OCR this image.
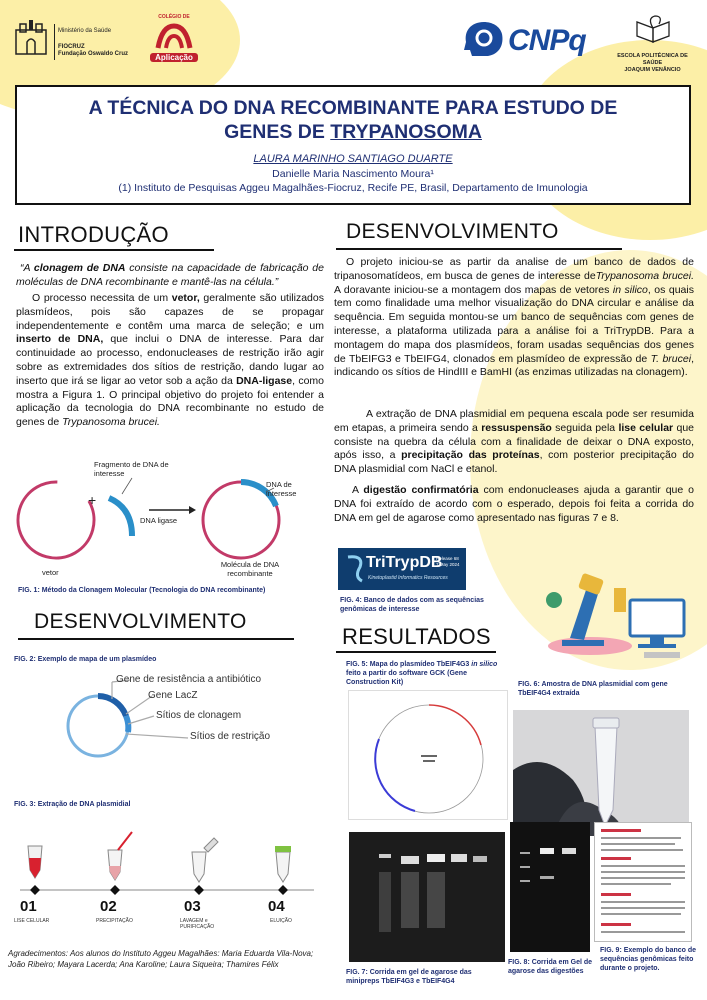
Ministério da Saúde
FIOCRUZ
Fundação Oswaldo Cruz
COLÉGIO DE
Aplicação
CNPq	ESCOLA POLITÉCNICA DE SAÚDE
JOAQUIM VENÂNCIO
A TÉCNICA DO DNA RECOMBINANTE PARA ESTUDO DE
GENES DE TRYPANOSOMA
LAURA MARINHO SANTIAGO DUARTE
Danielle Maria Nascimento Moura¹
(1) Instituto de Pesquisas Aggeu Magalhães-Fiocruz, Recife PE, Brasil, Departamento de Imunologia
INTRODUÇÃO
“A clonagem de DNA consiste na capacidade de fabricação de moléculas de DNA recombinante e mantê-las na célula.”
O processo necessita de um vetor, geralmente são utilizados plasmídeos, pois são capazes de se propagar independentemente e contêm uma marca de seleção; e um inserto de DNA, que inclui o DNA de interesse. Para dar continuidade ao processo, endonucleases de restrição irão agir sobre as extremidades dos sítios de restrição, dando lugar ao inserto que irá se ligar ao vetor sob a ação da DNA-ligase, como mostra a Figura 1. O principal objetivo do projeto foi entender a aplicação da tecnologia do DNA recombinante no estudo de genes de Trypanosoma brucei.
+
Fragmento de DNA de interesse
DNA ligase
vetor
DNA de interesse
Molécula de DNA recombinante
FIG. 1: Método da Clonagem Molecular (Tecnologia do DNA recombinante)
DESENVOLVIMENTO
FIG. 2: Exemplo de mapa de um plasmídeo
Gene de resistência a antibiótico
Gene LacZ
Sítios de clonagem
Sítios de restrição
FIG. 3: Extração de DNA plasmidial
01	02	03	04
LISE CELULAR	PRECIPITAÇÃO	LAVAGEM e PURIFICAÇÃO
ELUIÇÃO
Agradecimentos: Aos alunos do Instituto Aggeu Magalhães: Maria Eduarda Vila-Nova; João Ribeiro; Mayara Lacerda; Ana Karoline; Laura Siqueira; Thamires Félix
DESENVOLVIMENTO
O projeto iniciou-se as partir da analise de um banco de dados de tripanosomatídeos, em busca de genes de interesse deTrypanosoma brucei. A doravante iniciou-se a montagem dos mapas de vetores in silico, os quais tem como finalidade uma melhor visualização do DNA circular e análise da sequência. Em seguida montou-se um banco de sequências com genes de interesse, a plataforma utilizada para a análise foi a TriTrypDB. Para a montagem do mapa dos plasmídeos, foram usadas sequências dos genes de TbEIFG3 e TbEIFG4, clonados em plasmídeo de expressão de T. brucei, indicando os sítios de HindIII e BamHI (as enzimas utilizadas na clonagem).
A extração de DNA plasmidial em pequena escala pode ser resumida em etapas, a primeira sendo a ressuspensão seguida pela lise celular que consiste na quebra da célula com a finalidade de deixar o DNA exposto, após isso, a precipitação das proteínas, com posterior precipitação do DNA plasmidial com NaCl e etanol.
A digestão confirmatória com endonucleases ajuda a garantir que o DNA foi extraído de acordo com o esperado, depois foi feita a corrida do DNA em gel de agarose como apresentado nas figuras 7 e 8.
TriTrypDB
Kinetoplastid Informatics Resources
Release 68
7 May 2024
FIG. 4: Banco de dados com as sequências genômicas de interesse
RESULTADOS
FIG. 5: Mapa do plasmídeo TbEIF4G3 in silico feito a partir do software GCK (Gene Construction Kit)	FIG. 6: Amostra de DNA plasmidial com gene TbEIF4G4 extraída
FIG. 7: Corrida em gel de agarose das minipreps TbEIF4G3 e TbEIF4G4
FIG. 8: Corrida em Gel de agarose das digestões
FIG. 9: Exemplo do banco de sequências genômicas feito durante o projeto.
